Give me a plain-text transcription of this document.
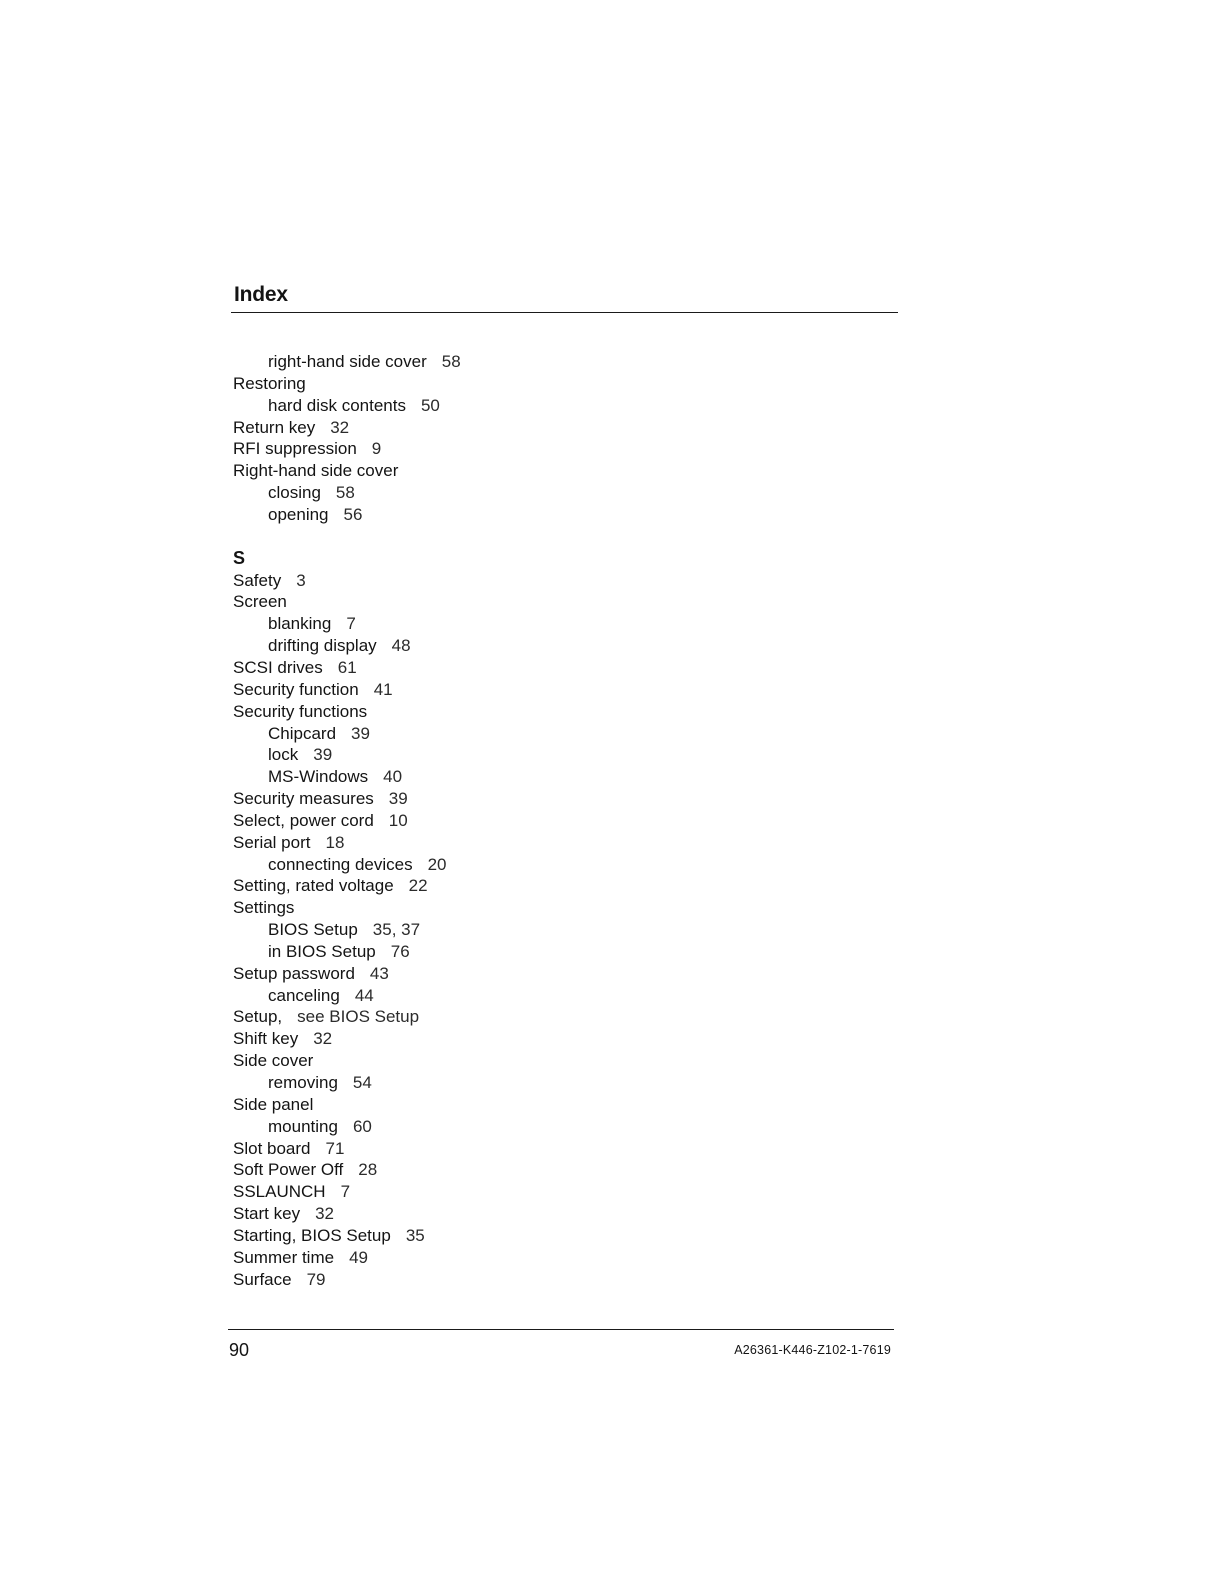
Index
right-hand side cover 58
Restoring
hard disk contents 50
Return key 32
RFI suppression 9
Right-hand side cover
closing 58
opening 56
S
Safety 3
Screen
blanking 7
drifting display 48
SCSI drives 61
Security function 41
Security functions
Chipcard 39
lock 39
MS-Windows 40
Security measures 39
Select, power cord 10
Serial port 18
connecting devices 20
Setting, rated voltage 22
Settings
BIOS Setup 35, 37
in BIOS Setup 76
Setup password 43
canceling 44
Setup, see BIOS Setup
Shift key 32
Side cover
removing 54
Side panel
mounting 60
Slot board 71
Soft Power Off 28
SSLAUNCH 7
Start key 32
Starting, BIOS Setup 35
Summer time 49
Surface 79
90	A26361-K446-Z102-1-7619
